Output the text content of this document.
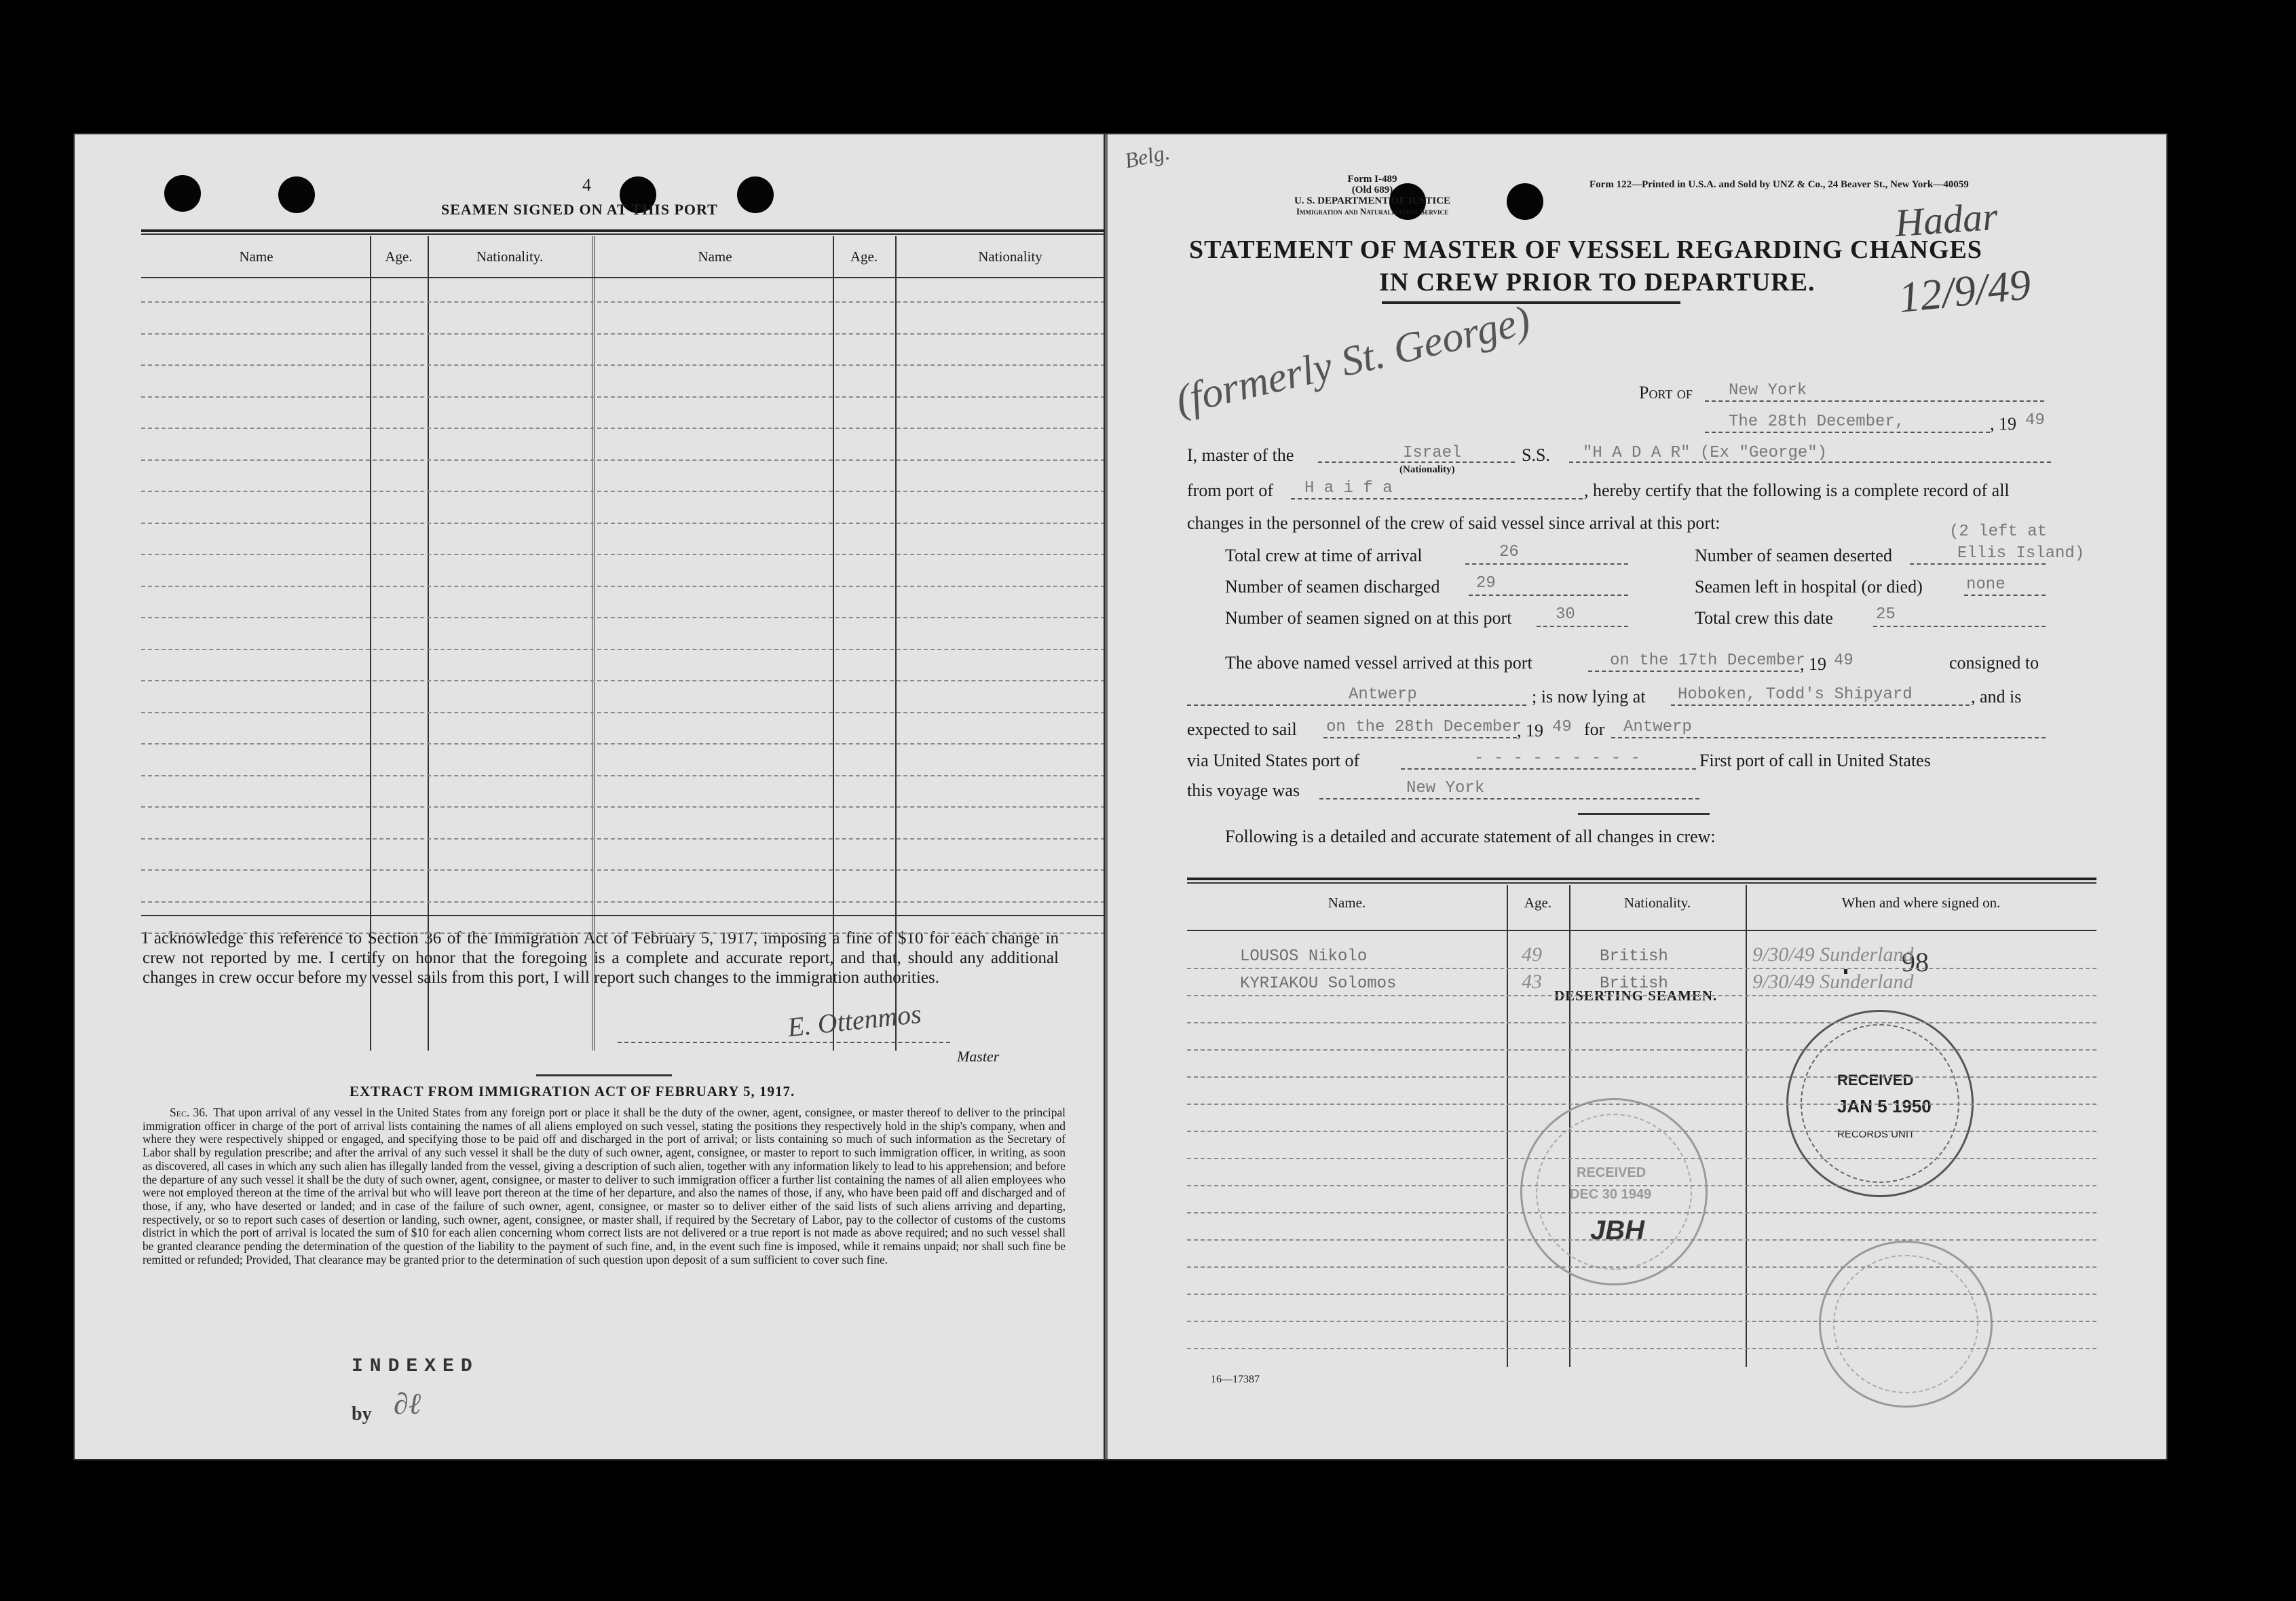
4
SEAMEN SIGNED ON AT THIS PORT
Name	Age.	Nationality.	Name	Age.	Nationality
I acknowledge this reference to Section 36 of the Immigration Act of February 5, 1917, imposing a fine of $10 for each change in crew not reported by me. I certify on honor that the foregoing is a complete and accurate report, and that, should any additional changes in crew occur before my vessel sails from this port, I will report such changes to the immigration authorities.
E. Ottenmos
Master
EXTRACT FROM IMMIGRATION ACT OF FEBRUARY 5, 1917.
Sec. 36. That upon arrival of any vessel in the United States from any foreign port or place it shall be the duty of the owner, agent, consignee, or master thereof to deliver to the principal immigration officer in charge of the port of arrival lists containing the names of all aliens employed on such vessel, stating the positions they respectively hold in the ship's company, when and where they were respectively shipped or engaged, and specifying those to be paid off and discharged in the port of arrival; or lists containing so much of such information as the Secretary of Labor shall by regulation prescribe; and after the arrival of any such vessel it shall be the duty of such owner, agent, consignee, or master to report to such immigration officer, in writing, as soon as discovered, all cases in which any such alien has illegally landed from the vessel, giving a description of such alien, together with any information likely to lead to his apprehension; and before the departure of any such vessel it shall be the duty of such owner, agent, consignee, or master to deliver to such immigration officer a further list containing the names of all alien employees who were not employed thereon at the time of the arrival but who will leave port thereon at the time of her departure, and also the names of those, if any, who have been paid off and discharged and of those, if any, who have deserted or landed; and in case of the failure of such owner, agent, consignee, or master so to deliver either of the said lists of such aliens arriving and departing, respectively, or so to report such cases of desertion or landing, such owner, agent, consignee, or master shall, if required by the Secretary of Labor, pay to the collector of customs of the customs district in which the port of arrival is located the sum of $10 for each alien concerning whom correct lists are not delivered or a true report is not made as above required; and no such vessel shall be granted clearance pending the determination of the question of the liability to the payment of such fine, and, in the event such fine is imposed, while it remains unpaid; nor shall such fine be remitted or refunded; Provided, That clearance may be granted prior to the determination of such question upon deposit of a sum sufficient to cover such fine.
INDEXED
by ∂ℓ
Belg.
Form I-489
(Old 689)
U. S. DEPARTMENT OF JUSTICE
Immigration and Naturalization Service
Form 122—Printed in U.S.A. and Sold by UNZ & Co., 24 Beaver St., New York—40059
STATEMENT OF MASTER OF VESSEL REGARDING CHANGES
IN CREW PRIOR TO DEPARTURE.
Hadar
12/9/49
(formerly St. George)	Port of New York
The 28th December,	, 19 49
I, master of the	Israel
(Nationality)
S.S. "H A D A R" (Ex "George")
from port of H a i f a	, hereby certify that the following is a complete record of all
changes in the personnel of the crew of said vessel since arrival at this port:
Total crew at time of arrival	26	Number of seamen deserted
(2 left at
Ellis Island)
Number of seamen discharged 29	Seamen left in hospital (or died)	none
Number of seamen signed on at this port	30	Total crew this date	25
The above named vessel arrived at this port	on the 17th December
, 19 49	consigned to
Antwerp	; is now lying at Hoboken, Todd's Shipyard	, and is
expected to sail on the 28th December
, 19 49 for Antwerp
via United States port of	- - - - - - - - -	First port of call in United States
this voyage was	New York
Following is a detailed and accurate statement of all changes in crew:
98
DESERTING SEAMEN.
Name.	Age.	Nationality.	When and where signed on.
LOUSOS Nikolo	49	British	9/30/49 Sunderland
KYRIAKOU Solomos	43	British	9/30/49 Sunderland
RECEIVED
JAN 5 1950
RECORDS UNIT
RECEIVED
DEC 30 1949
JBH
16—17387
